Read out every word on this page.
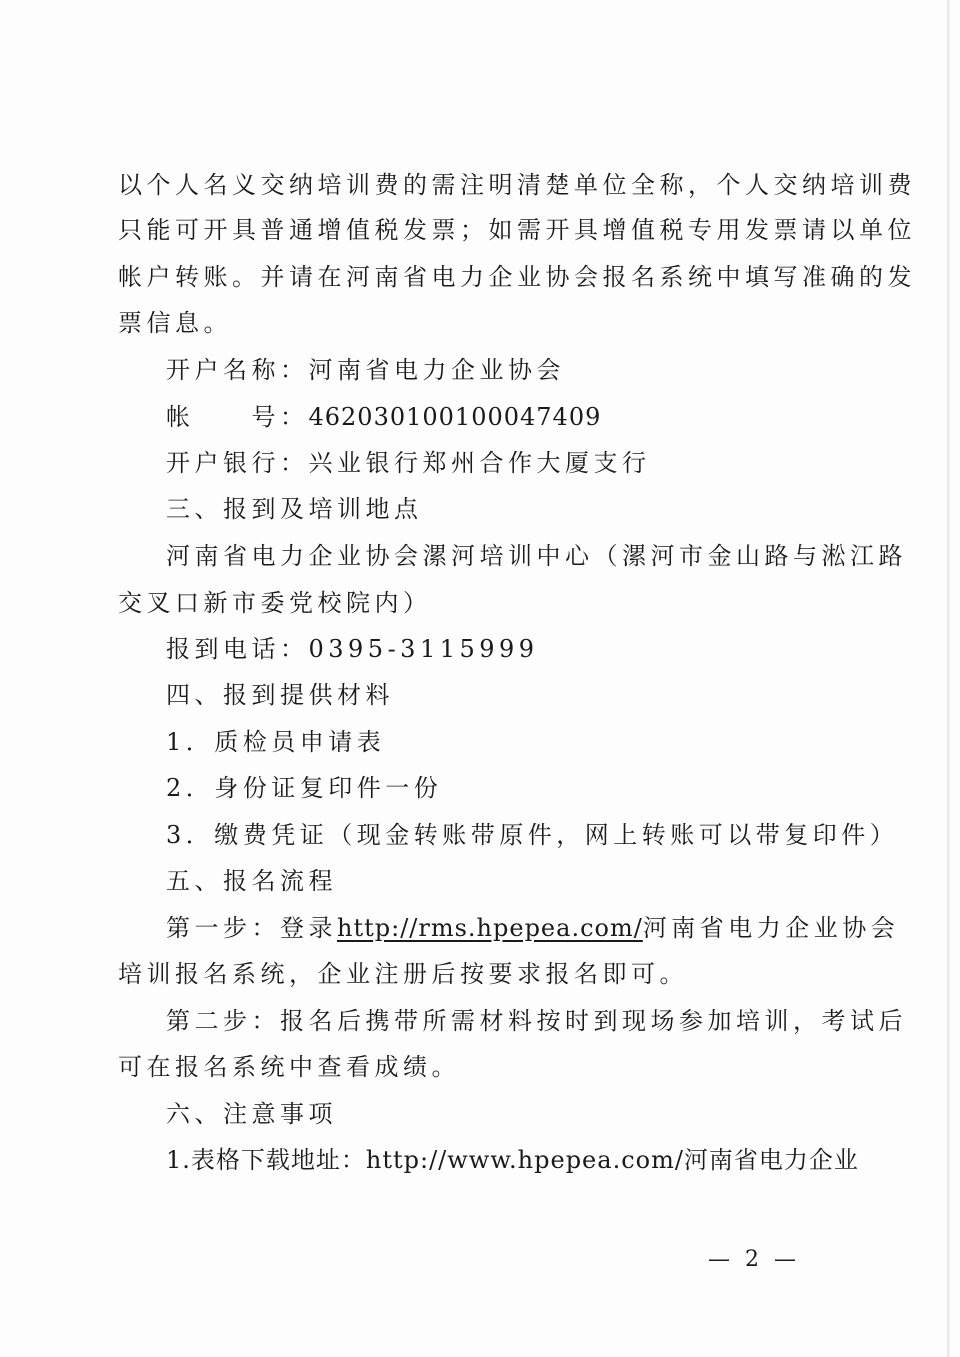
以个人名义交纳培训费的需注明清楚单位全称，个人交纳培训费
只能可开具普通增值税发票；如需开具增值税专用发票请以单位
帐户转账。并请在河南省电力企业协会报名系统中填写准确的发
票信息。
开户名称：河南省电力企业协会
帐　　号：462030100100047409
开户银行：兴业银行郑州合作大厦支行
三、报到及培训地点
河南省电力企业协会漯河培训中心（漯河市金山路与淞江路
交叉口新市委党校院内）
报到电话：0395-3115999
四、报到提供材料
1．质检员申请表
2．身份证复印件一份
3．缴费凭证（现金转账带原件，网上转账可以带复印件）
五、报名流程
第一步：登录http://rms.hpepea.com/河南省电力企业协会
培训报名系统，企业注册后按要求报名即可。
第二步：报名后携带所需材料按时到现场参加培训，考试后
可在报名系统中查看成绩。
六、注意事项
1.表格下载地址：http://www.hpepea.com/河南省电力企业
— 2 —
